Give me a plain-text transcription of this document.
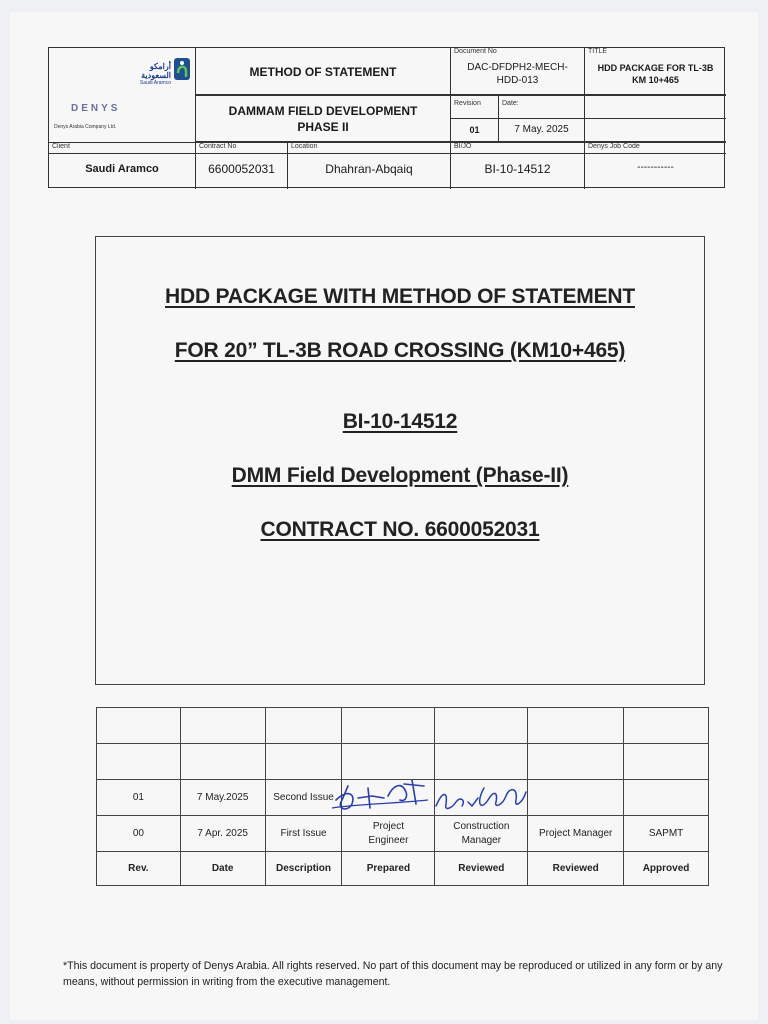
أرامكو السعودية
Saudi Aramco
DENYS
Denys Arabia Company Ltd.
METHOD OF STATEMENT
DAMMAM FIELD DEVELOPMENT PHASE II
Document No
DAC-DFDPH2-MECH-HDD-013
TITLE
HDD PACKAGE FOR TL-3B KM 10+465
Revision
01
Date:
7 May. 2025
Client
Saudi Aramco
Contract No
6600052031
Location
Dhahran-Abqaiq
BI/JO
BI-10-14512
Denys Job Code
-----------
HDD PACKAGE WITH METHOD OF STATEMENT
FOR 20” TL-3B ROAD CROSSING (KM10+465)
BI-10-14512
DMM Field Development (Phase-II)
CONTRACT NO. 6600052031

01	7 May.2025	Second Issue				
00	7 Apr. 2025	First Issue	Project Engineer	Construction Manager	Project Manager	SAPMT
Rev.	Date	Description	Prepared	Reviewed	Reviewed	Approved
*This document is property of Denys Arabia. All rights reserved. No part of this document may be reproduced or utilized in any form or by any means, without permission in writing from the executive management.
